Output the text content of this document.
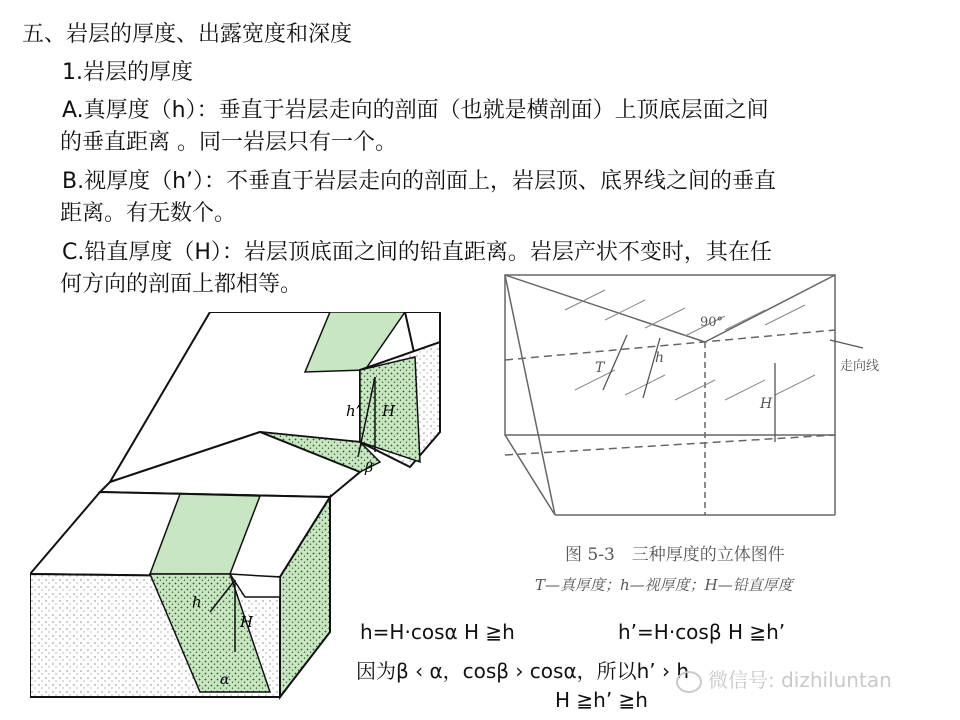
五、岩层的厚度、出露宽度和深度
1.岩层的厚度
A.真厚度（h）：垂直于岩层走向的剖面（也就是横剖面）上顶底层面之间
的垂直距离 。同一岩层只有一个。
B.视厚度（h’）：不垂直于岩层走向的剖面上，岩层顶、底界线之间的垂直
距离。有无数个。
C.铅直厚度（H）：岩层顶底面之间的铅直距离。岩层产状不变时，其在任
何方向的剖面上都相等。
h’ H
β
h
H
α
90°
T
h
H
走向线
图 5-3　三种厚度的立体图件
T—真厚度；h—视厚度；H—铅直厚度
h=H·cosα H ≧h	h’=H·cosβ H ≧h’
因为β ‹ α，cosβ › cosα，所以h’ › h
H ≧h’ ≧h
微信号: dizhiluntan
